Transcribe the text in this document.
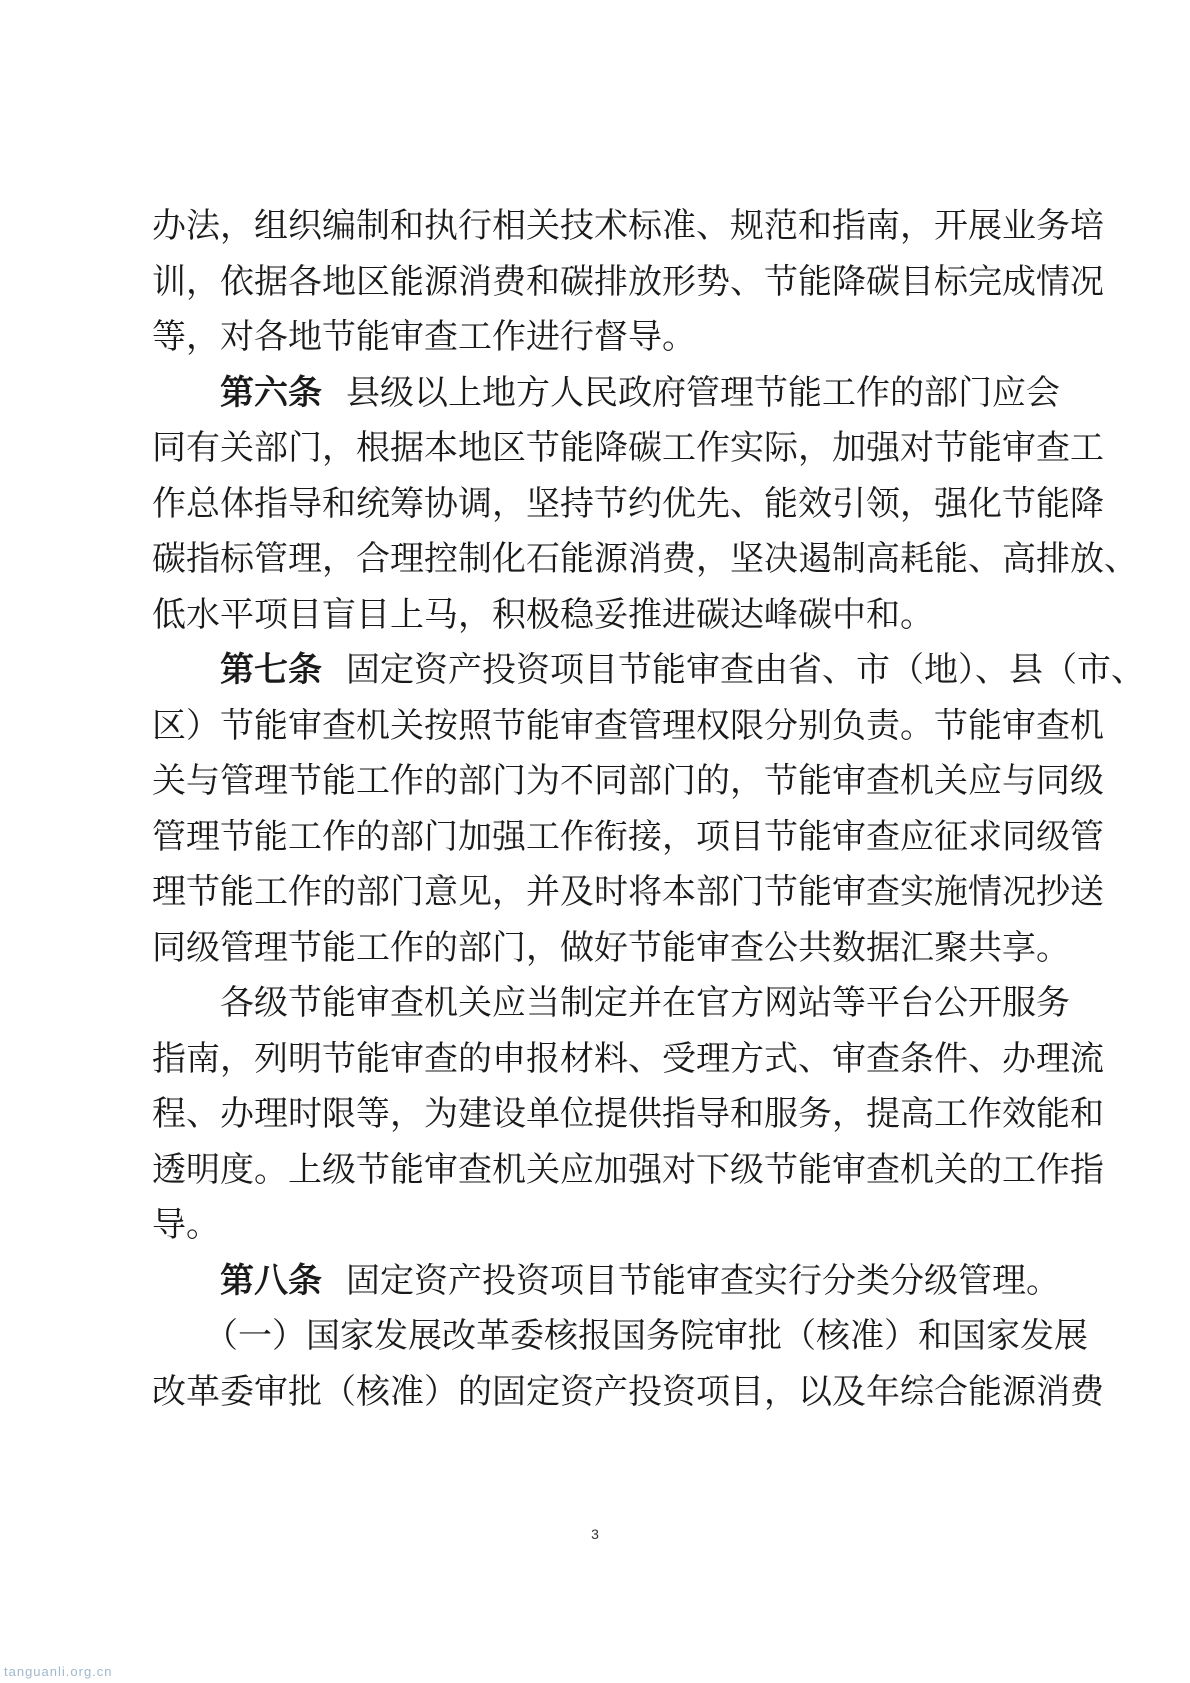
办法，组织编制和执行相关技术标准、规范和指南，开展业务培
训，依据各地区能源消费和碳排放形势、节能降碳目标完成情况
等，对各地节能审查工作进行督导。
第六条 县级以上地方人民政府管理节能工作的部门应会
同有关部门，根据本地区节能降碳工作实际，加强对节能审查工
作总体指导和统筹协调，坚持节约优先、能效引领，强化节能降
碳指标管理，合理控制化石能源消费，坚决遏制高耗能、高排放、
低水平项目盲目上马，积极稳妥推进碳达峰碳中和。
第七条 固定资产投资项目节能审查由省、市（地）、县（市、
区）节能审查机关按照节能审查管理权限分别负责。节能审查机
关与管理节能工作的部门为不同部门的，节能审查机关应与同级
管理节能工作的部门加强工作衔接，项目节能审查应征求同级管
理节能工作的部门意见，并及时将本部门节能审查实施情况抄送
同级管理节能工作的部门，做好节能审查公共数据汇聚共享。
各级节能审查机关应当制定并在官方网站等平台公开服务
指南，列明节能审查的申报材料、受理方式、审查条件、办理流
程、办理时限等，为建设单位提供指导和服务，提高工作效能和
透明度。上级节能审查机关应加强对下级节能审查机关的工作指
导。
第八条 固定资产投资项目节能审查实行分类分级管理。
（一）国家发展改革委核报国务院审批（核准）和国家发展
改革委审批（核准）的固定资产投资项目，以及年综合能源消费
3
tanguanli.org.cn
